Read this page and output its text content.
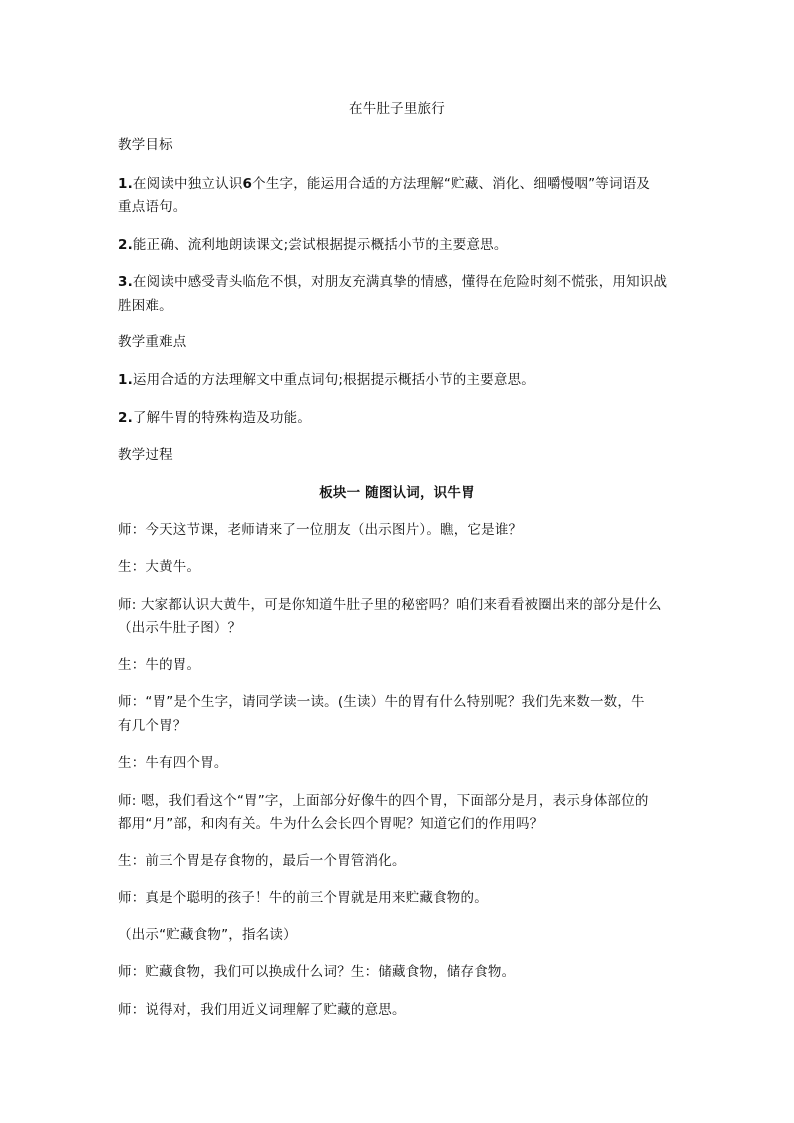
在牛肚子里旅行
教学目标
1.在阅读中独立认识6个生字，能运用合适的方法理解“贮藏、消化、细嚼慢咽”等词语及
重点语句。
2.能正确、流利地朗读课文;尝试根据提示概括小节的主要意思。
3.在阅读中感受青头临危不惧，对朋友充满真挚的情感，懂得在危险时刻不慌张，用知识战
胜困难。
教学重难点
1.运用合适的方法理解文中重点词句;根据提示概括小节的主要意思。
2.了解牛胃的特殊构造及功能。
教学过程
板块一 随图认词，识牛胃
师：今天这节课，老师请来了一位朋友（出示图片）。瞧，它是谁？
生：大黄牛。
师: 大家都认识大黄牛，可是你知道牛肚子里的秘密吗？咱们来看看被圈出来的部分是什么
（出示牛肚子图）？
生：牛的胃。
师：“胃”是个生字，请同学读一读。(生读）牛的胃有什么特别呢？我们先来数一数，牛
有几个胃？
生：牛有四个胃。
师: 嗯，我们看这个“胃”字，上面部分好像牛的四个胃，下面部分是月，表示身体部位的
都用“月”部，和肉有关。牛为什么会长四个胃呢？知道它们的作用吗？
生：前三个胃是存食物的，最后一个胃管消化。
师：真是个聪明的孩子！牛的前三个胃就是用来贮藏食物的。
（出示“贮藏食物”，指名读）
师：贮藏食物，我们可以换成什么词？生：储藏食物，储存食物。
师：说得对，我们用近义词理解了贮藏的意思。
